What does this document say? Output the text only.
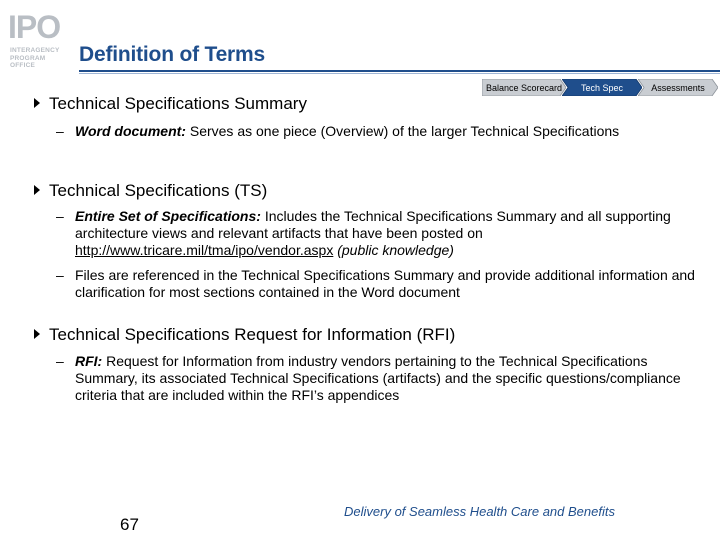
IPO
INTERAGENCY
PROGRAM OFFICE	Definition of Terms
Balance Scorecard Tech Spec	Assessments
Technical Specifications Summary
– Word document: Serves as one piece (Overview) of the larger Technical Specifications
Technical Specifications (TS)
– Entire Set of Specifications: Includes the Technical Specifications Summary and all supporting architecture views and relevant artifacts that have been posted on http://www.tricare.mil/tma/ipo/vendor.aspx (public knowledge)
– Files are referenced in the Technical Specifications Summary and provide additional information and clarification for most sections contained in the Word document
Technical Specifications Request for Information (RFI)
– RFI: Request for Information from industry vendors pertaining to the Technical Specifications Summary, its associated Technical Specifications (artifacts) and the specific questions/compliance criteria that are included within the RFI’s appendices
67
Delivery of Seamless Health Care and Benefits
